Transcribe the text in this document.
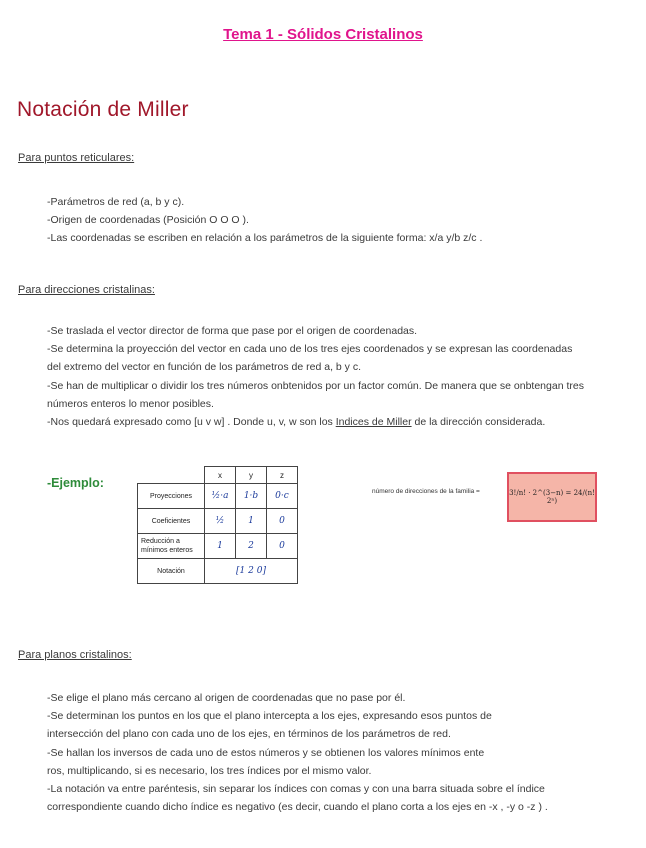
Tema 1 - Sólidos Cristalinos
Notación de Miller
Para puntos reticulares:
-Parámetros de red (a, b y c).
-Origen de coordenadas (Posición O O O ).
-Las coordenadas se escriben en relación a los parámetros de la siguiente forma: x/a y/b z/c .
Para direcciones cristalinas:
-Se traslada el vector director de forma que pase por el origen de coordenadas.
-Se determina la proyección del vector en cada uno de los tres ejes coordenados y se expresan las coordenadas
del extremo del vector en función de los parámetros de red a, b y c.
-Se han de multiplicar o dividir los tres números onbtenidos por un factor común. De manera que se onbtengan tres
números enteros lo menor posibles.
-Nos quedará expresado como [u v w] . Donde u, v, w son los Indices de Miller de la dirección considerada.
-Ejemplo:
	x	y	z
Proyecciones	½·a	1·b	0·c
Coeficientes	½	1	0
Reducción a mínimos enteros	1	2	0
Notación	[1 2 0]		
número de direcciones de la familia =	3!/n! · 2^(3−n) = 24/(n! 2ⁿ)
Para planos cristalinos:
-Se elige el plano más cercano al origen de coordenadas que no pase por él.
-Se determinan los puntos en los que el plano intercepta a los ejes, expresando esos puntos de
intersección del plano con cada uno de los ejes, en términos de los parámetros de red.
-Se hallan los inversos de cada uno de estos números y se obtienen los valores mínimos ente
ros, multiplicando, si es necesario, los tres índices por el mismo valor.
-La notación va entre paréntesis, sin separar los índices con comas y con una barra situada sobre el índice
correspondiente cuando dicho índice es negativo (es decir, cuando el plano corta a los ejes en -x , -y o -z ) .
